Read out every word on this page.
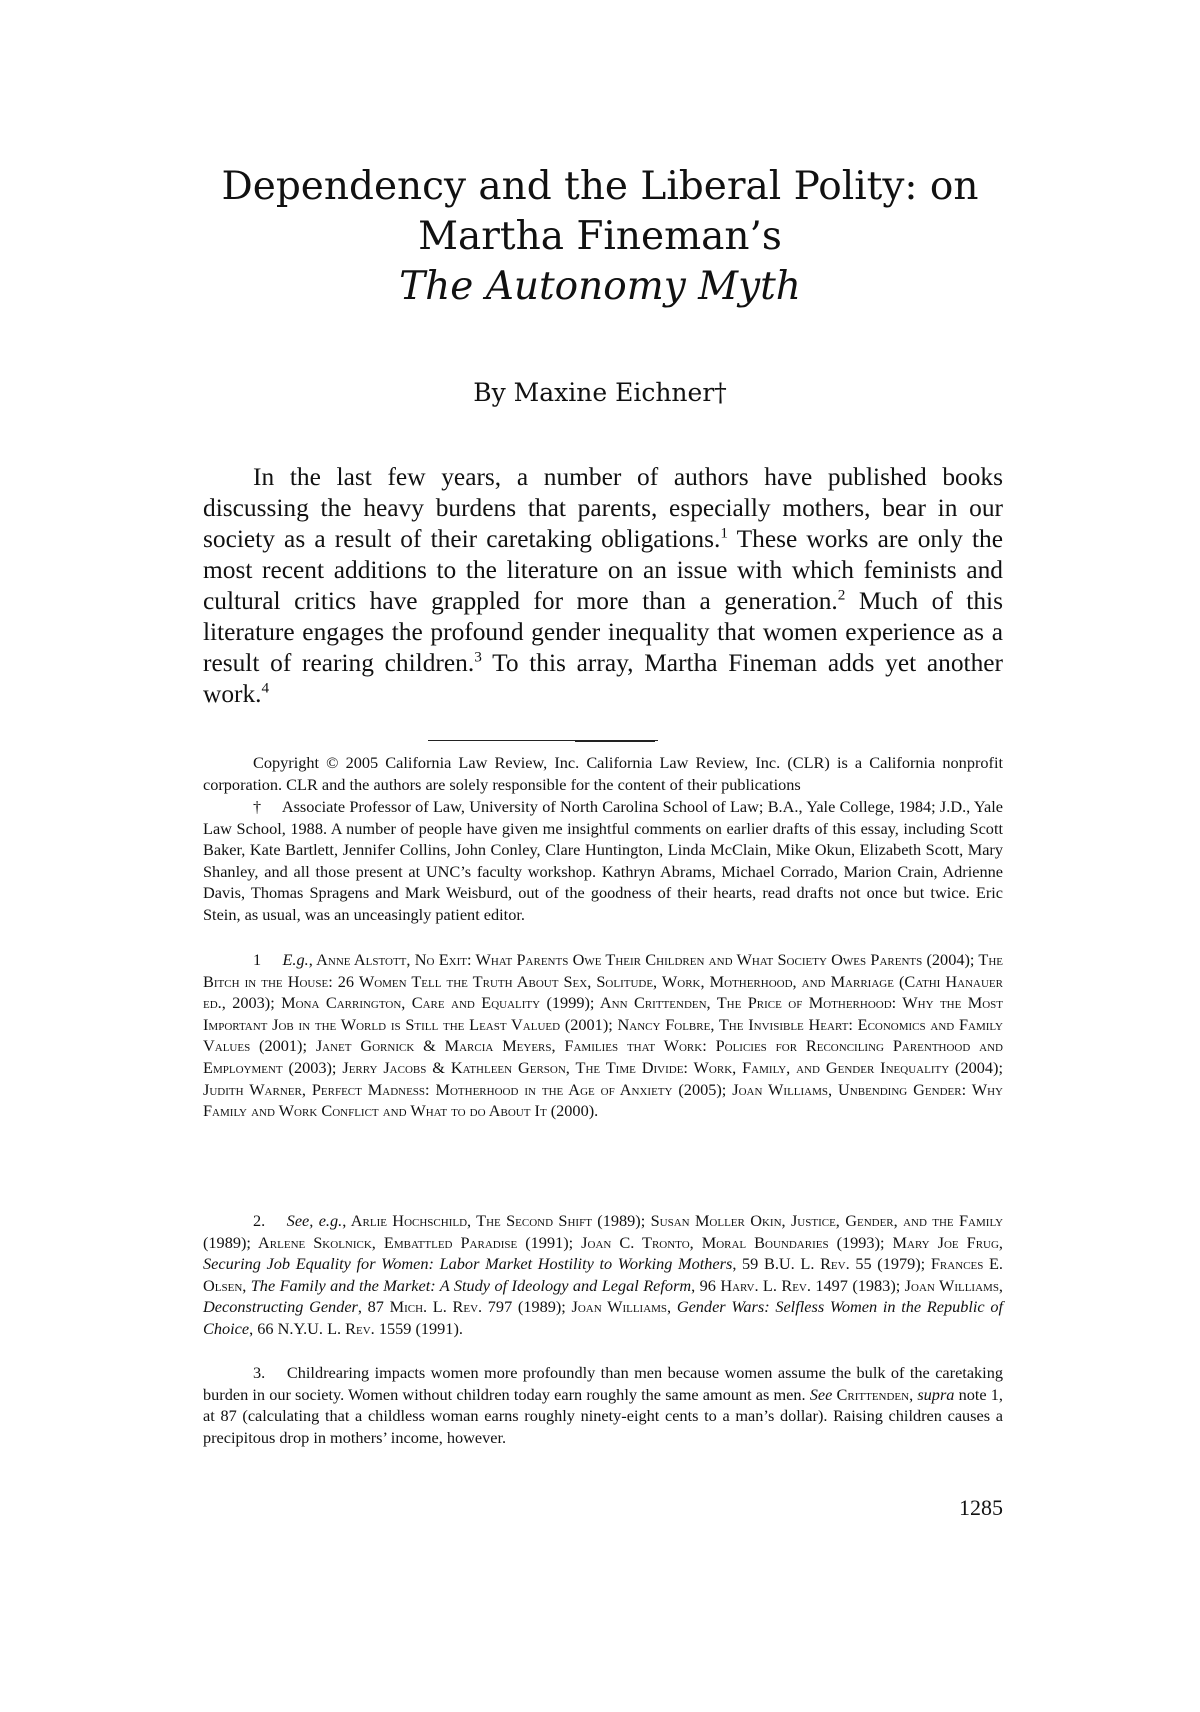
Dependency and the Liberal Polity: on
Martha Fineman’s
The Autonomy Myth
By Maxine Eichner†

In the last few years, a number of authors have published books discussing the heavy burdens that parents, especially mothers, bear in our society as a result of their caretaking obligations.$^1$ These works are only the most recent additions to the literature on an issue with which feminists and cultural critics have grappled for more than a generation.$^2$ Much of this literature engages the profound gender inequality that women experience as a result of rearing children.$^3$ To this array, Martha Fineman adds yet another work.$^4$

Copyright © 2005 California Law Review, Inc. California Law Review, Inc. (CLR) is a California nonprofit corporation. CLR and the authors are solely responsible for the content of their publications

† Associate Professor of Law, University of North Carolina School of Law; B.A., Yale College, 1984; J.D., Yale Law School, 1988. A number of people have given me insightful comments on earlier drafts of this essay, including Scott Baker, Kate Bartlett, Jennifer Collins, John Conley, Clare Huntington, Linda McClain, Mike Okun, Elizabeth Scott, Mary Shanley, and all those present at UNC’s faculty workshop. Kathryn Abrams, Michael Corrado, Marion Crain, Adrienne Davis, Thomas Spragens and Mark Weisburd, out of the goodness of their hearts, read drafts not once but twice. Eric Stein, as usual, was an unceasingly patient editor.

1 E.g., Anne Alstott, No Exit: What Parents Owe Their Children and What Society Owes Parents (2004); The Bitch in the House: 26 Women Tell the Truth About Sex, Solitude, Work, Motherhood, and Marriage (Cathi Hanauer ed., 2003); Mona Carrington, Care and Equality (1999); Ann Crittenden, The Price of Motherhood: Why the Most Important Job in the World is Still the Least Valued (2001); Nancy Folbre, The Invisible Heart: Economics and Family Values (2001); Janet Gornick & Marcia Meyers, Families that Work: Policies for Reconciling Parenthood and Employment (2003); Jerry Jacobs & Kathleen Gerson, The Time Divide: Work, Family, and Gender Inequality (2004); Judith Warner, Perfect Madness: Motherhood in the Age of Anxiety (2005); Joan Williams, Unbending Gender: Why Family and Work Conflict and What to do About It (2000).

2. See, e.g., Arlie Hochschild, The Second Shift (1989); Susan Moller Okin, Justice, Gender, and the Family (1989); Arlene Skolnick, Embattled Paradise (1991); Joan C. Tronto, Moral Boundaries (1993); Mary Joe Frug, Securing Job Equality for Women: Labor Market Hostility to Working Mothers, 59 B.U. L. Rev. 55 (1979); Frances E. Olsen, The Family and the Market: A Study of Ideology and Legal Reform, 96 Harv. L. Rev. 1497 (1983); Joan Williams, Deconstructing Gender, 87 Mich. L. Rev. 797 (1989); Joan Williams, Gender Wars: Selfless Women in the Republic of Choice, 66 N.Y.U. L. Rev. 1559 (1991).

3. Childrearing impacts women more profoundly than men because women assume the bulk of the caretaking burden in our society. Women without children today earn roughly the same amount as men. See Crittenden, supra note 1, at 87 (calculating that a childless woman earns roughly ninety-eight cents to a man’s dollar). Raising children causes a precipitous drop in mothers’ income, however.

1285
